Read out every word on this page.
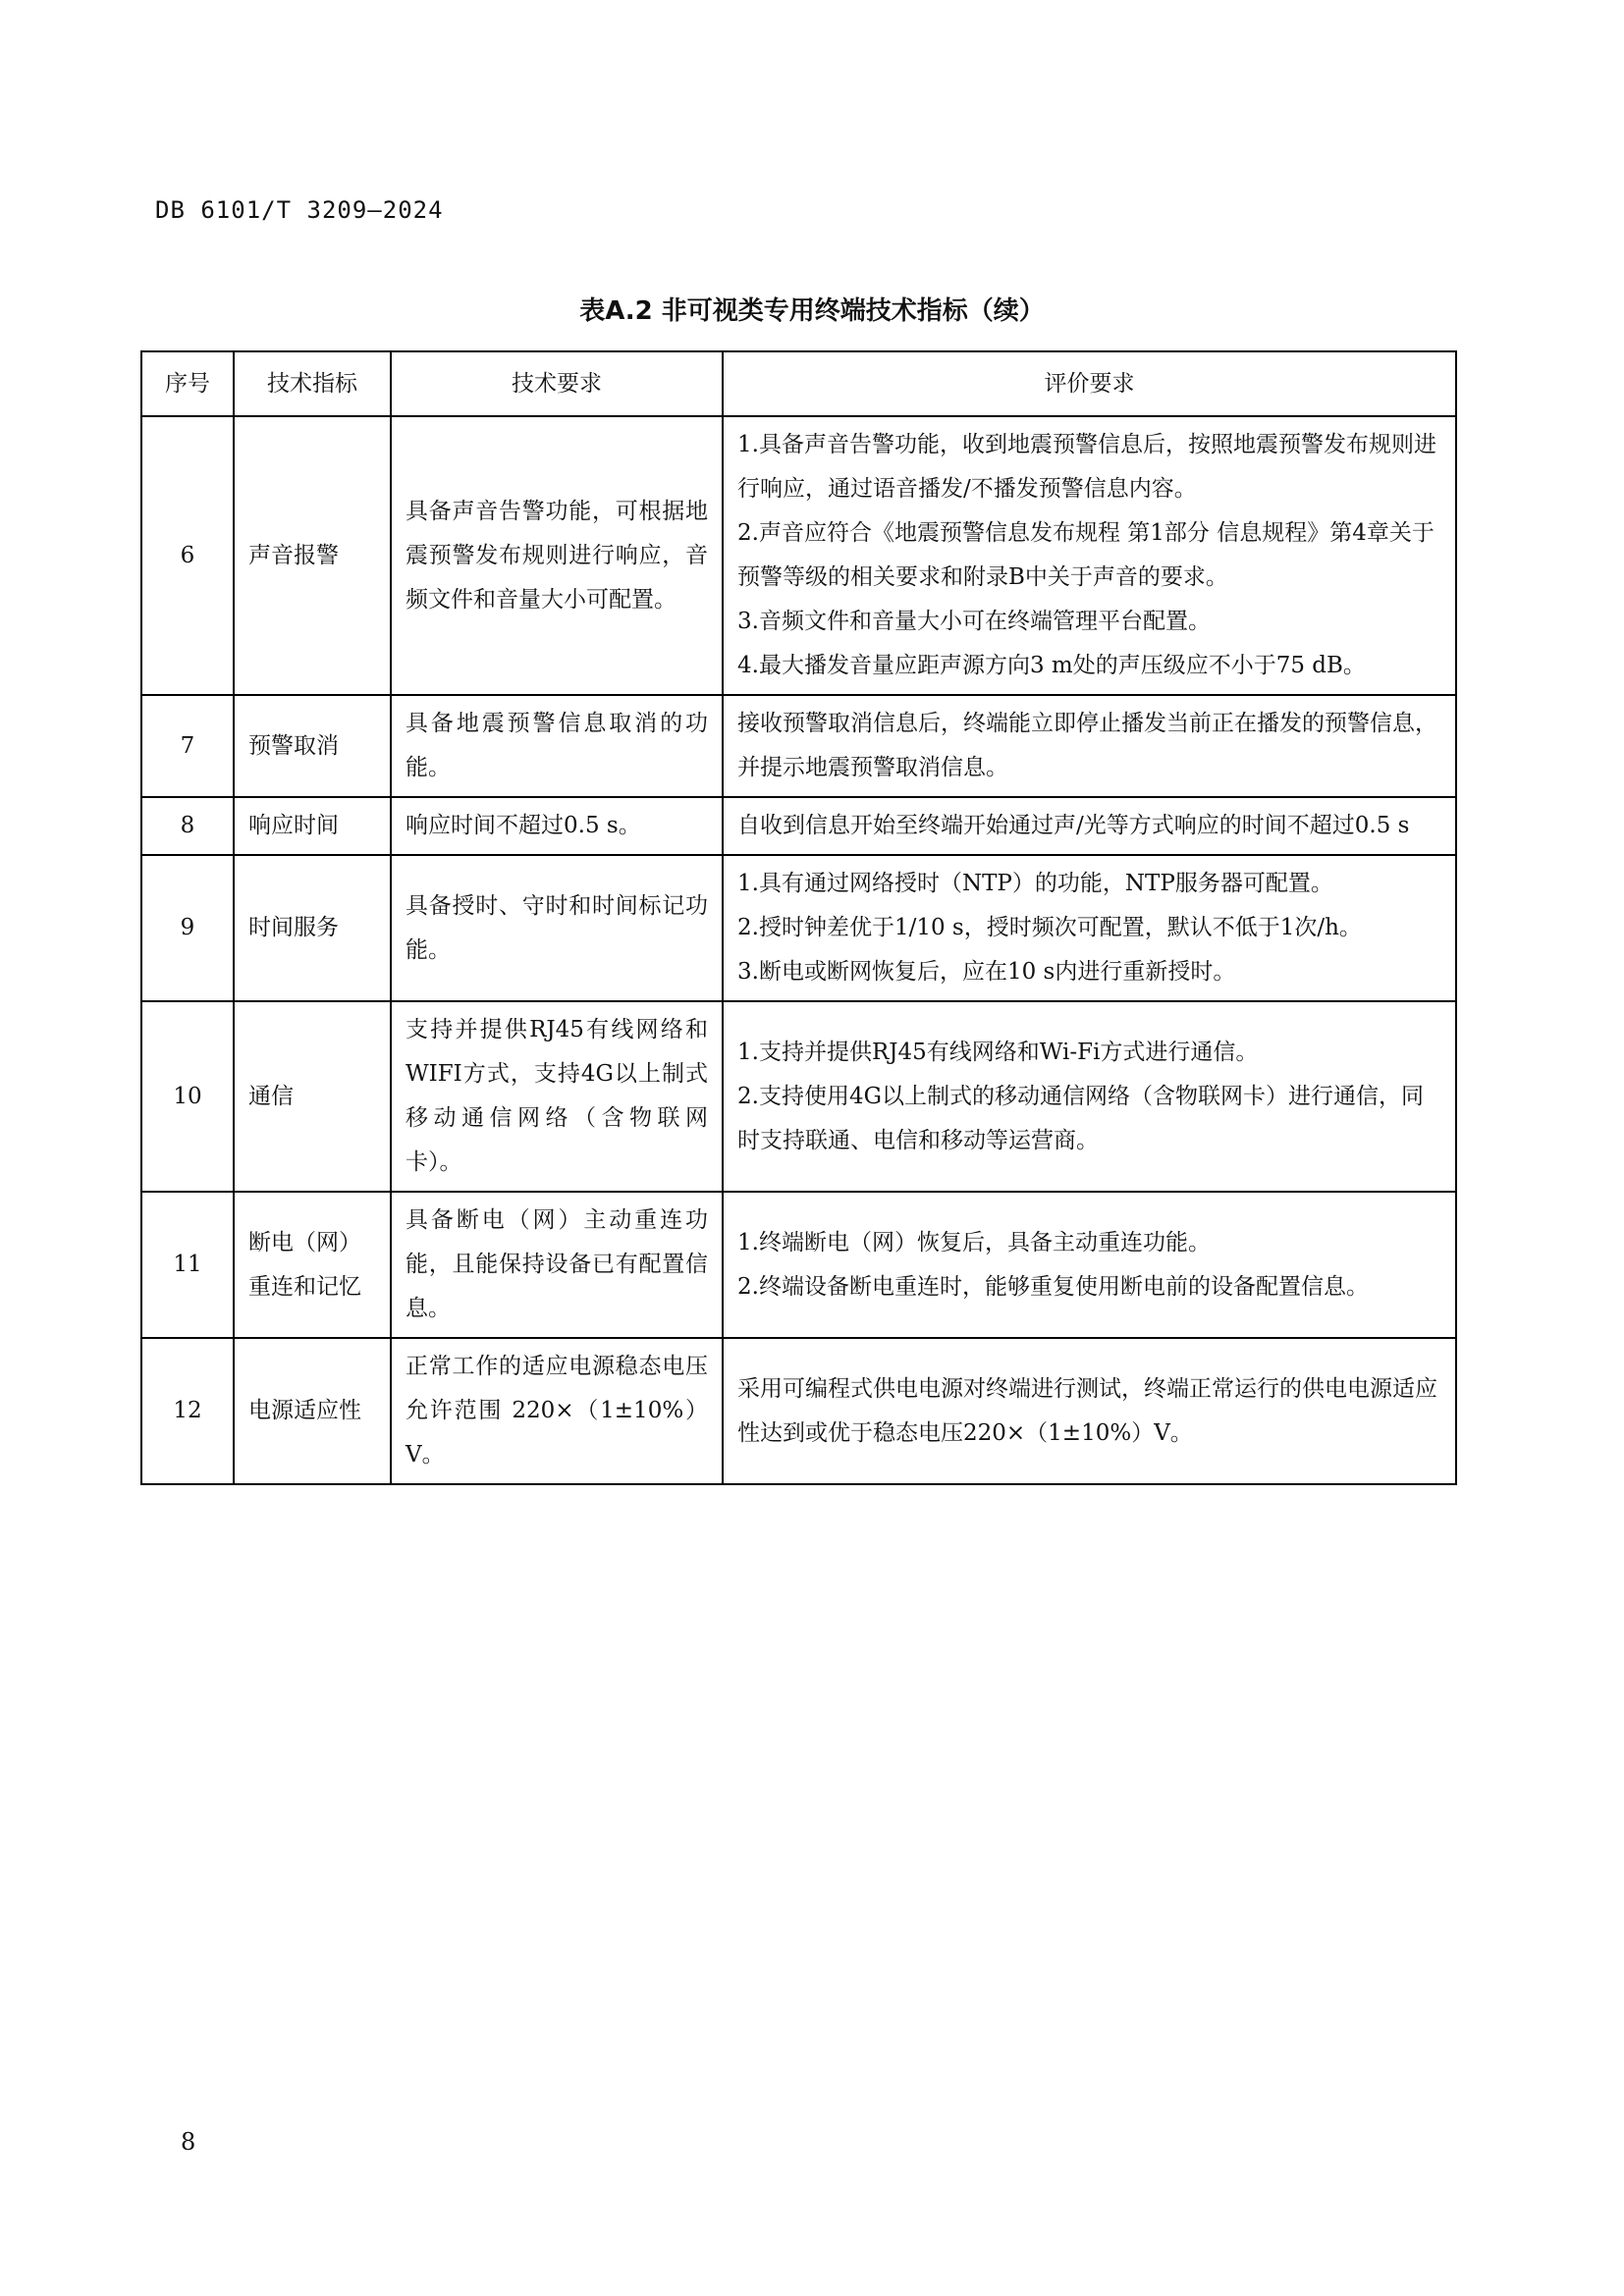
DB 6101/T 3209—2024
表A.2 非可视类专用终端技术指标（续）
序号	技术指标	技术要求	评价要求
6	声音报警	具备声音告警功能，可根据地震预警发布规则进行响应，音频文件和音量大小可配置。	1.具备声音告警功能，收到地震预警信息后，按照地震预警发布规则进行响应，通过语音播发/不播发预警信息内容。
2.声音应符合《地震预警信息发布规程 第1部分 信息规程》第4章关于预警等级的相关要求和附录B中关于声音的要求。
3.音频文件和音量大小可在终端管理平台配置。
4.最大播发音量应距声源方向3 m处的声压级应不小于75 dB。

7	预警取消	具备地震预警信息取消的功能。	接收预警取消信息后，终端能立即停止播发当前正在播发的预警信息，并提示地震预警取消信息。

8	响应时间	响应时间不超过0.5 s。	自收到信息开始至终端开始通过声/光等方式响应的时间不超过0.5 s

9	时间服务	具备授时、守时和时间标记功能。	1.具有通过网络授时（NTP）的功能，NTP服务器可配置。
2.授时钟差优于1/10 s，授时频次可配置，默认不低于1次/h。
3.断电或断网恢复后，应在10 s内进行重新授时。

10	通信	支持并提供RJ45有线网络和 WIFI方式，支持4G以上制式移动通信网络（含物联网卡）。	1.支持并提供RJ45有线网络和Wi-Fi方式进行通信。
2.支持使用4G以上制式的移动通信网络（含物联网卡）进行通信，同时支持联通、电信和移动等运营商。

11	断电（网）重连和记忆	具备断电（网）主动重连功能，且能保持设备已有配置信息。	1.终端断电（网）恢复后，具备主动重连功能。
2.终端设备断电重连时，能够重复使用断电前的设备配置信息。

12	电源适应性	正常工作的适应电源稳态电压允许范围 220×（1±10%）V。	采用可编程式供电电源对终端进行测试，终端正常运行的供电电源适应性达到或优于稳态电压220×（1±10%）V。
8
